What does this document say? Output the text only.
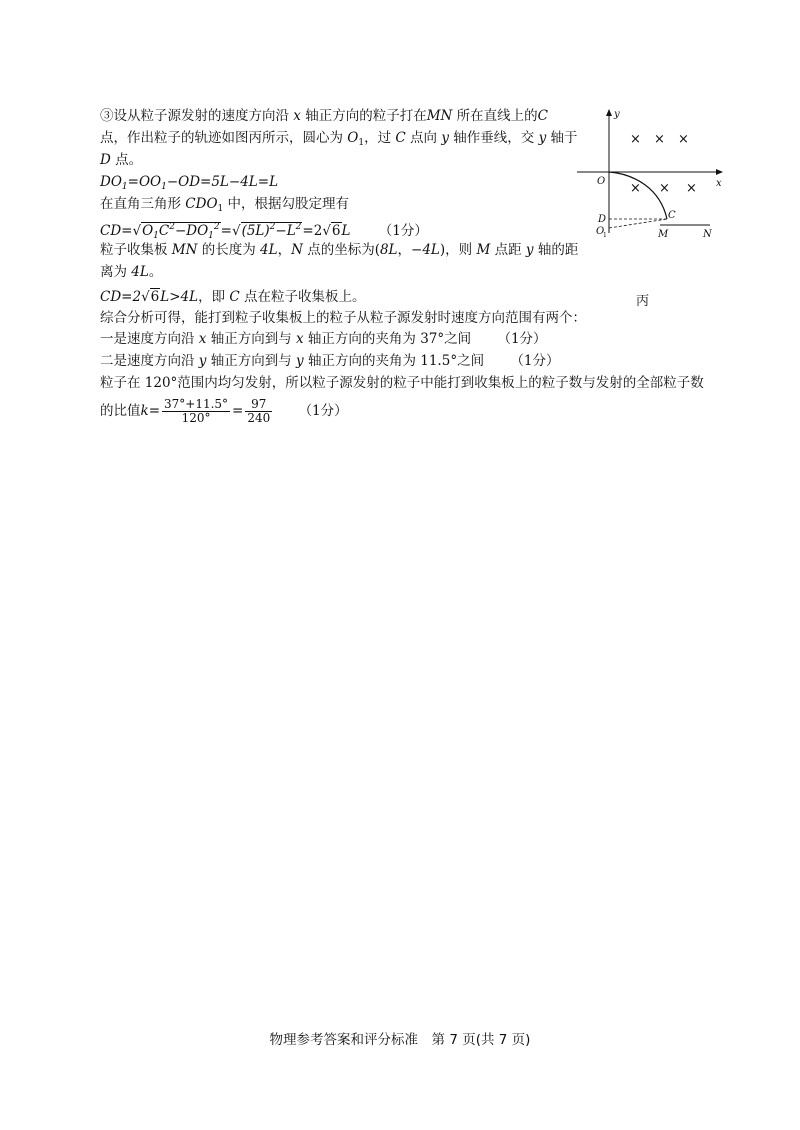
③设从粒子源发射的速度方向沿 x 轴正方向的粒子打在MN 所在直线上的C
点，作出粒子的轨迹如图丙所示，圆心为 $O_1$，过 C 点向 y 轴作垂线，交 y 轴于
D 点。
$DO_1=OO_1-OD=5L-4L=L$
在直角三角形 $CDO_1$ 中，根据勾股定理有
$CD=√O_1C^2-DO_1^2=√(5L)^2-L^2=2√6L$ （1分）
粒子收集板 MN 的长度为 4L，N 点的坐标为(8L，−4L)，则 M 点距 y 轴的距
离为 4L。
CD=2√6L>4L，即 C 点在粒子收集板上。
综合分析可得，能打到粒子收集板上的粒子从粒子源发射时速度方向范围有两个：
一是速度方向沿 x 轴正方向到与 x 轴正方向的夹角为 37°之间 （1分）
二是速度方向沿 y 轴正方向到与 y 轴正方向的夹角为 11.5°之间 （1分）
粒子在 120°范围内均匀发射，所以粒子源发射的粒子中能打到收集板上的粒子数与发射的全部粒子数
的比值$k= \frac{37^\circ+11.5^\circ}{120^\circ} = \frac{97}{240} (1$分）
× × ×
× × ×
y
x
O
C
D
O
1	M	N
丙
物理参考答案和评分标准　第 7 页(共 7 页)
